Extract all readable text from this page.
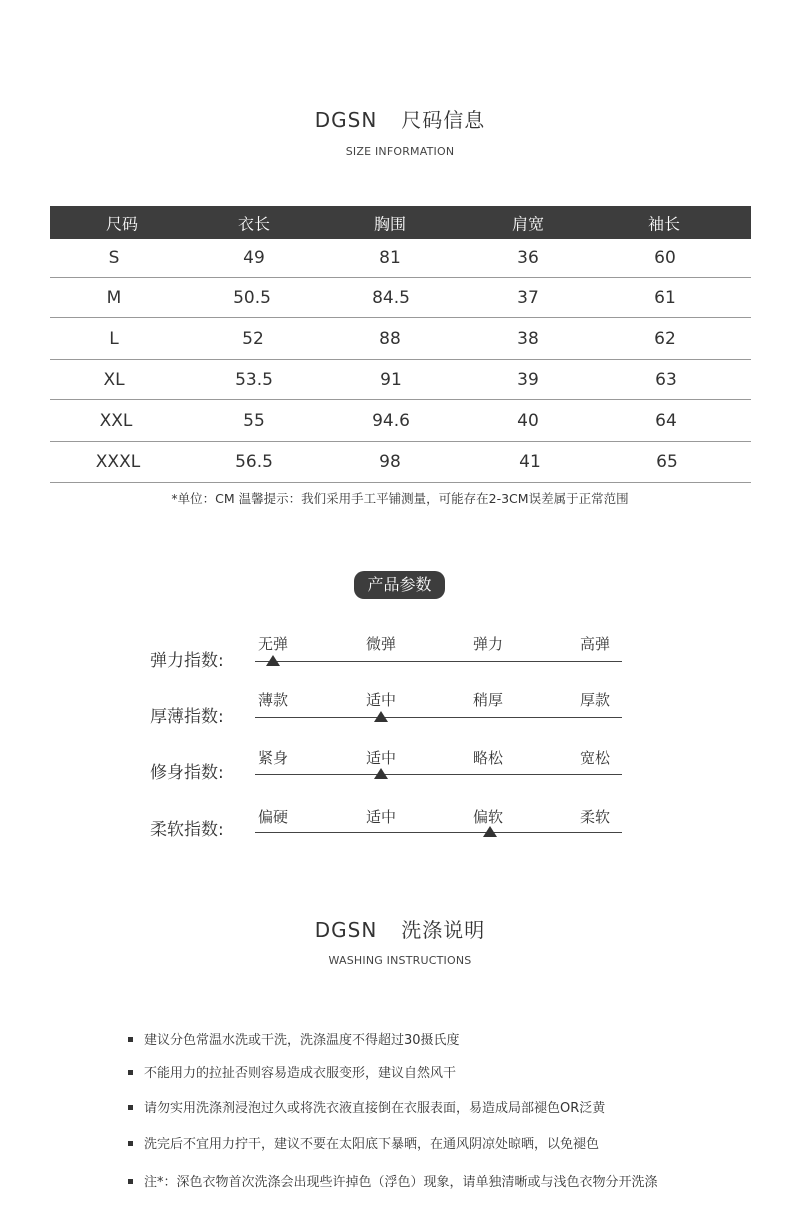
DGSN 尺码信息
SIZE INFORMATION
尺码	衣长	胸围	肩宽	袖长
S	49	81	36	60
M	50.5	84.5	37	61
L	52	88	38	62
XL	53.5	91	39	63
XXL	55	94.6	40	64
XXXL	56.5	98	41	65
*单位：CM 温馨提示：我们采用手工平铺测量，可能存在2-3CM误差属于正常范围
产品参数
弹力指数:
无弹	微弹	弹力	高弹
厚薄指数:
薄款	适中	稍厚	厚款
修身指数:
紧身	适中	略松	宽松
柔软指数:
偏硬	适中	偏软	柔软
DGSN 洗涤说明
WASHING INSTRUCTIONS
建议分色常温水洗或干洗，洗涤温度不得超过30摄氏度
不能用力的拉扯否则容易造成衣服变形，建议自然风干
请勿实用洗涤剂浸泡过久或将洗衣液直接倒在衣服表面，易造成局部褪色OR泛黄
洗完后不宜用力拧干，建议不要在太阳底下暴晒，在通风阴凉处晾晒，以免褪色
注*：深色衣物首次洗涤会出现些许掉色（浮色）现象，请单独清晰或与浅色衣物分开洗涤
